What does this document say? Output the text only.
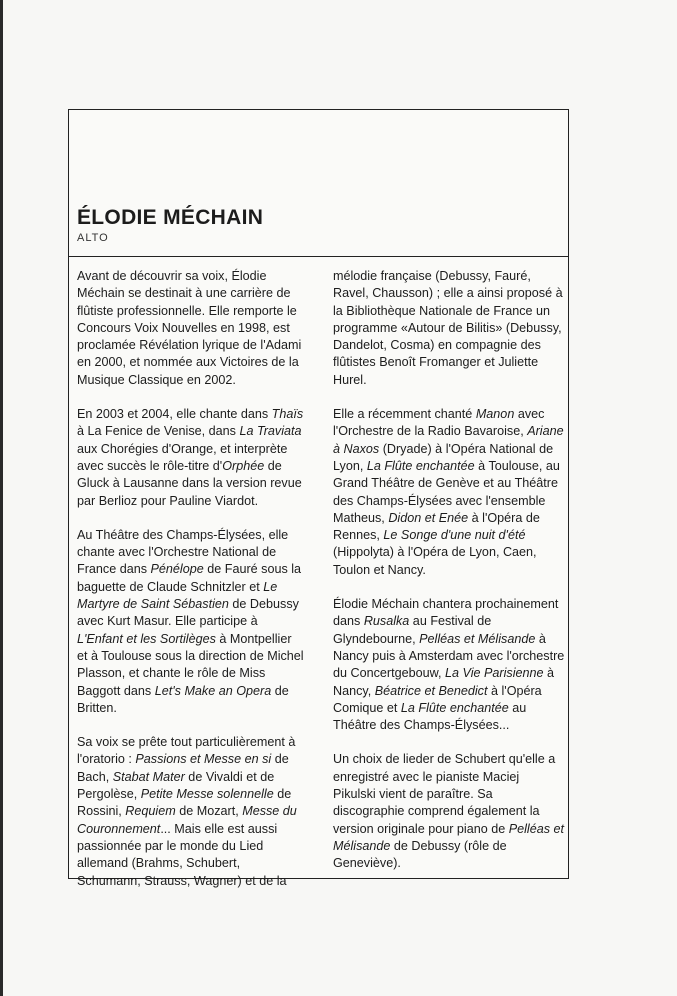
ÉLODIE MÉCHAIN
ALTO

Avant de découvrir sa voix, Élodie Méchain se destinait à une carrière de flûtiste professionnelle. Elle remporte le Concours Voix Nouvelles en 1998, est proclamée Révélation lyrique de l'Adami en 2000, et nommée aux Victoires de la Musique Classique en 2002.

En 2003 et 2004, elle chante dans Thaïs à La Fenice de Venise, dans La Traviata aux Chorégies d'Orange, et interprète avec succès le rôle-titre d'Orphée de Gluck à Lausanne dans la version revue par Berlioz pour Pauline Viardot.

Au Théâtre des Champs-Élysées, elle chante avec l'Orchestre National de France dans Pénélope de Fauré sous la baguette de Claude Schnitzler et Le Martyre de Saint Sébastien de Debussy avec Kurt Masur. Elle participe à L'Enfant et les Sortilèges à Montpellier et à Toulouse sous la direction de Michel Plasson, et chante le rôle de Miss Baggott dans Let's Make an Opera de Britten.

Sa voix se prête tout particulièrement à l'oratorio : Passions et Messe en si de Bach, Stabat Mater de Vivaldi et de Pergolèse, Petite Messe solennelle de Rossini, Requiem de Mozart, Messe du Couronnement... Mais elle est aussi passionnée par le monde du Lied allemand (Brahms, Schubert, Schumann, Strauss, Wagner) et de la

mélodie française (Debussy, Fauré, Ravel, Chausson) ; elle a ainsi proposé à la Bibliothèque Nationale de France un programme «Autour de Bilitis» (Debussy, Dandelot, Cosma) en compagnie des flûtistes Benoît Fromanger et Juliette Hurel.

Elle a récemment chanté Manon avec l'Orchestre de la Radio Bavaroise, Ariane à Naxos (Dryade) à l'Opéra National de Lyon, La Flûte enchantée à Toulouse, au Grand Théâtre de Genève et au Théâtre des Champs-Élysées avec l'ensemble Matheus, Didon et Enée à l'Opéra de Rennes, Le Songe d'une nuit d'été (Hippolyta) à l'Opéra de Lyon, Caen, Toulon et Nancy.

Élodie Méchain chantera prochainement dans Rusalka au Festival de Glyndebourne, Pelléas et Mélisande à Nancy puis à Amsterdam avec l'orchestre du Concertgebouw, La Vie Parisienne à Nancy, Béatrice et Benedict à l'Opéra Comique et La Flûte enchantée au Théâtre des Champs-Élysées...

Un choix de lieder de Schubert qu'elle a enregistré avec le pianiste Maciej Pikulski vient de paraître. Sa discographie comprend également la version originale pour piano de Pelléas et Mélisande de Debussy (rôle de Geneviève).
